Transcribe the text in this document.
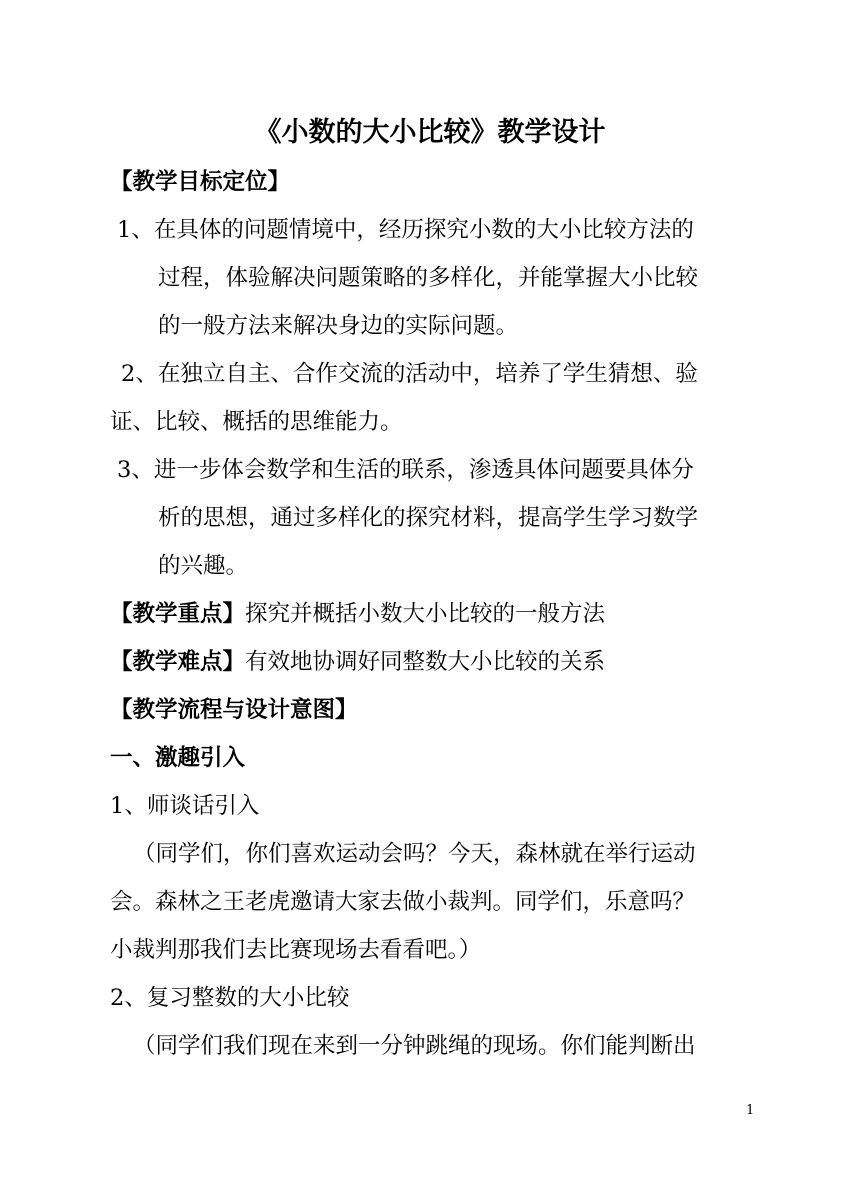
《小数的大小比较》教学设计
【教学目标定位】
1、在具体的问题情境中，经历探究小数的大小比较方法的
过程，体验解决问题策略的多样化，并能掌握大小比较
的一般方法来解决身边的实际问题。
2、在独立自主、合作交流的活动中，培养了学生猜想、验
证、比较、概括的思维能力。
3、进一步体会数学和生活的联系，渗透具体问题要具体分
析的思想，通过多样化的探究材料，提高学生学习数学
的兴趣。
【教学重点】探究并概括小数大小比较的一般方法
【教学难点】有效地协调好同整数大小比较的关系
【教学流程与设计意图】
一、激趣引入
1、师谈话引入
（同学们，你们喜欢运动会吗？今天，森林就在举行运动
会。森林之王老虎邀请大家去做小裁判。同学们，乐意吗？
小裁判那我们去比赛现场去看看吧。）
2、复习整数的大小比较
（同学们我们现在来到一分钟跳绳的现场。你们能判断出
1
